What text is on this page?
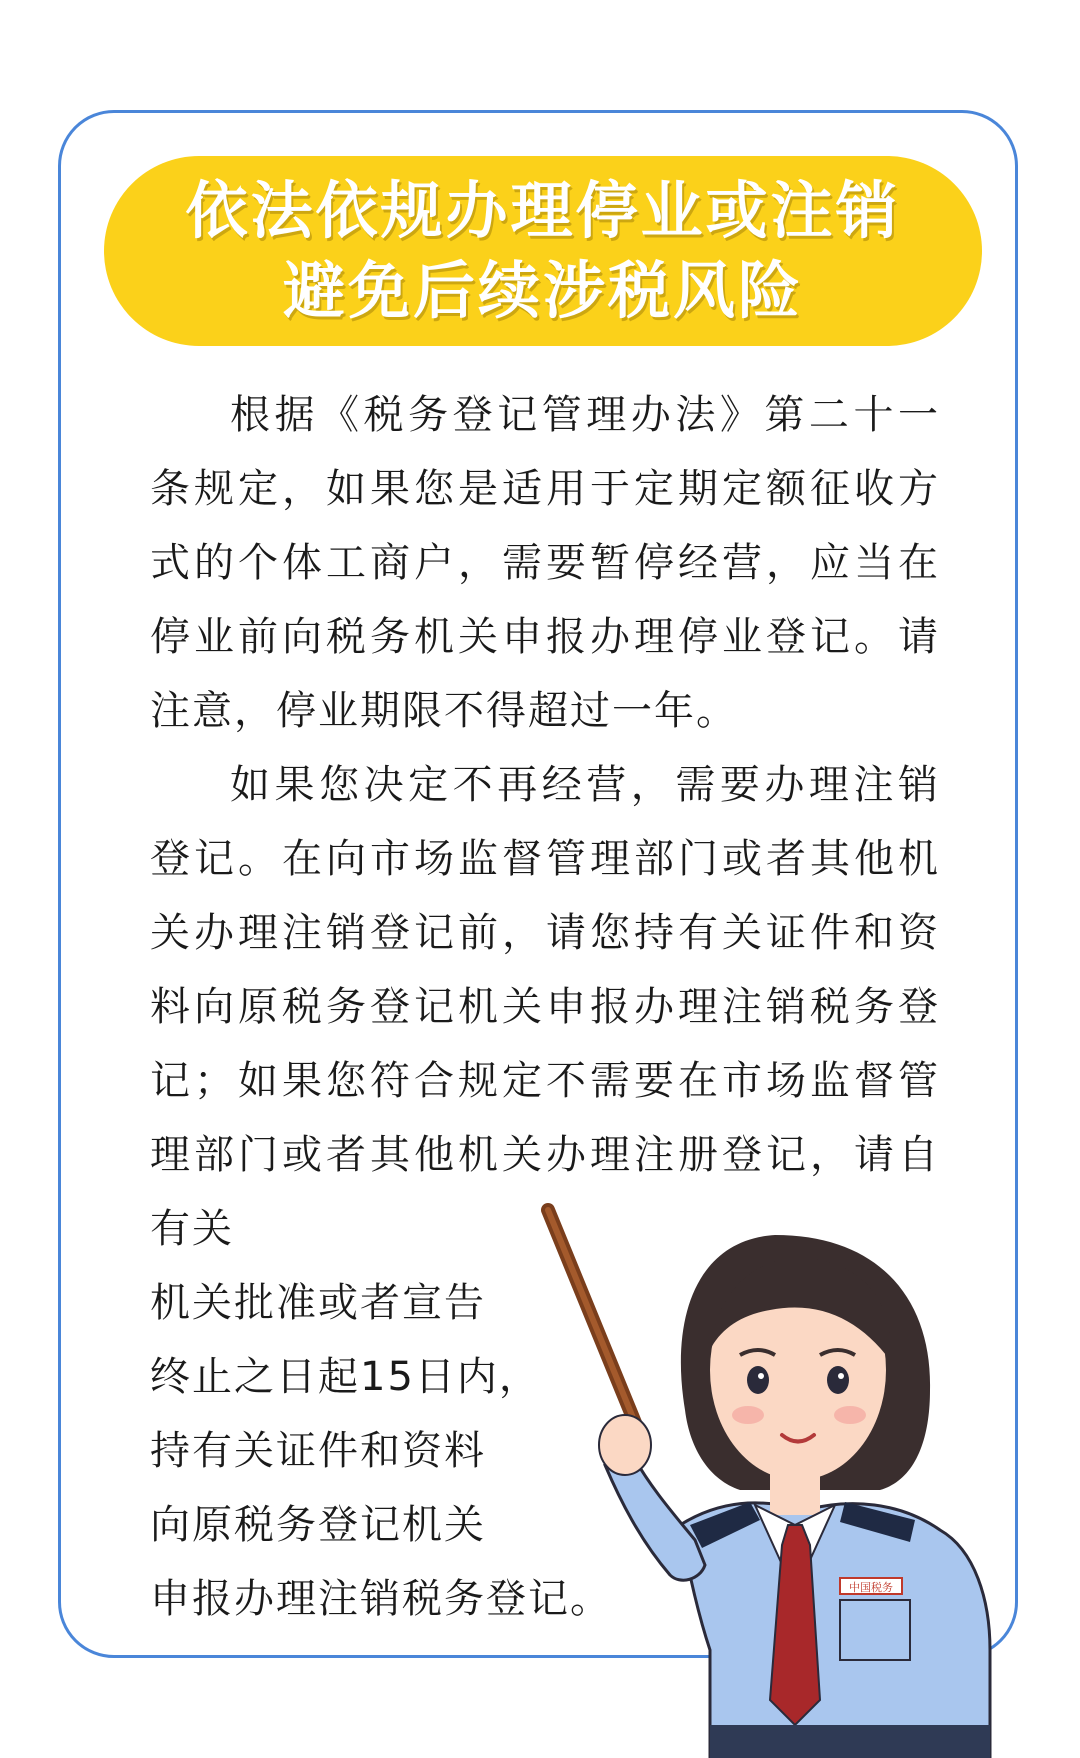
依法依规办理停业或注销
避免后续涉税风险

根据《税务登记管理办法》第二十一条规定，如果您是适用于定期定额征收方式的个体工商户，需要暂停经营，应当在停业前向税务机关申报办理停业登记。请注意，停业期限不得超过一年。

如果您决定不再经营，需要办理注销登记。在向市场监督管理部门或者其他机关办理注销登记前，请您持有关证件和资料向原税务登记机关申报办理注销税务登记；如果您符合规定不需要在市场监督管理部门或者其他机关办理注册登记，请自有关

机关批准或者宣告
终止之日起15日内，
持有关证件和资料
向原税务登记机关
申报办理注销税务登记。	中国税务
